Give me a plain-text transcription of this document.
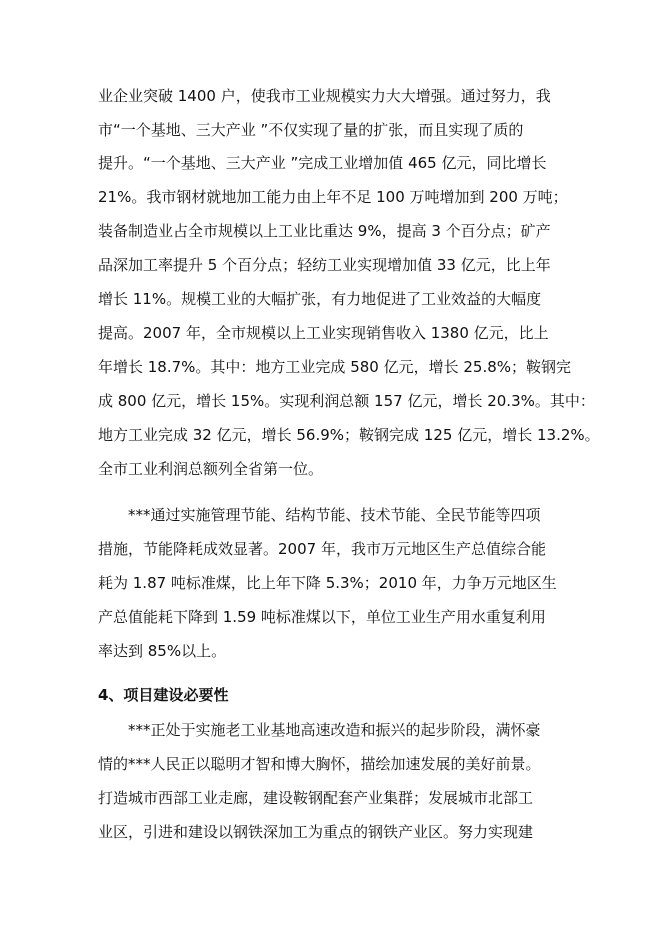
业企业突破 1400 户，使我市工业规模实力大大增强。通过努力，我
市“一个基地、三大产业 ”不仅实现了量的扩张，而且实现了质的
提升。“一个基地、三大产业 ”完成工业增加值 465 亿元，同比增长
21%。我市钢材就地加工能力由上年不足 100 万吨增加到 200 万吨；
装备制造业占全市规模以上工业比重达 9%，提高 3 个百分点；矿产
品深加工率提升 5 个百分点；轻纺工业实现增加值 33 亿元，比上年
增长 11%。规模工业的大幅扩张，有力地促进了工业效益的大幅度
提高。2007 年，全市规模以上工业实现销售收入 1380 亿元，比上
年增长 18.7%。其中：地方工业完成 580 亿元，增长 25.8%；鞍钢完
成 800 亿元，增长 15%。实现利润总额 157 亿元，增长 20.3%。其中：
地方工业完成 32 亿元，增长 56.9%；鞍钢完成 125 亿元，增长 13.2%。
全市工业利润总额列全省第一位。
***通过实施管理节能、结构节能、技术节能、全民节能等四项
措施，节能降耗成效显著。2007 年，我市万元地区生产总值综合能
耗为 1.87 吨标准煤，比上年下降 5.3%；2010 年，力争万元地区生
产总值能耗下降到 1.59 吨标准煤以下，单位工业生产用水重复利用
率达到 85%以上。
4、项目建设必要性
***正处于实施老工业基地高速改造和振兴的起步阶段，满怀豪
情的***人民正以聪明才智和博大胸怀，描绘加速发展的美好前景。
打造城市西部工业走廊，建设鞍钢配套产业集群；发展城市北部工
业区，引进和建设以钢铁深加工为重点的钢铁产业区。努力实现建
